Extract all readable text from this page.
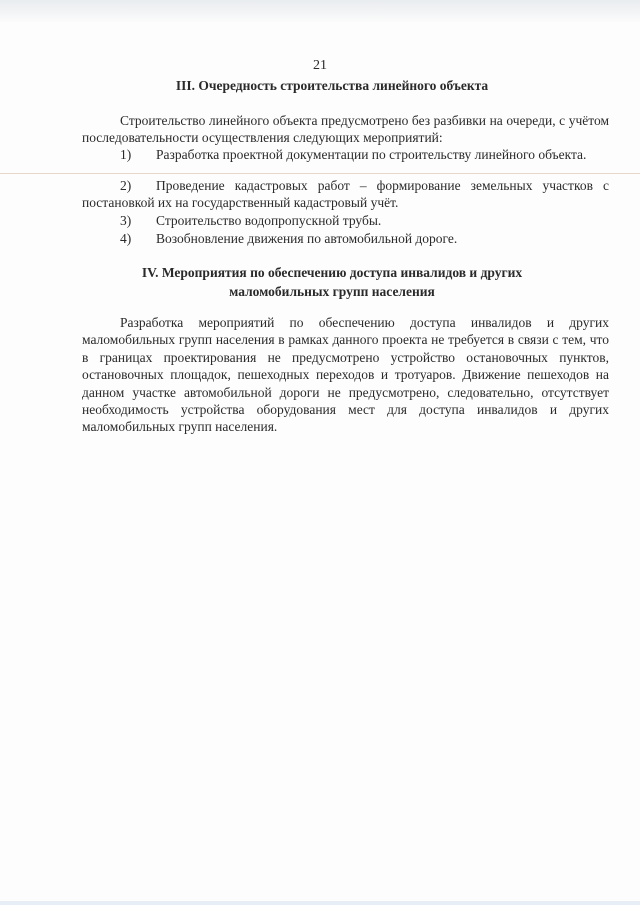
21
III. Очередность строительства линейного объекта
Строительство линейного объекта предусмотрено без разбивки на очереди, с учётом последовательности осуществления следующих мероприятий:
1) Разработка проектной документации по строительству линейного объекта.
2) Проведение кадастровых работ – формирование земельных участков с постановкой их на государственный кадастровый учёт.
3) Строительство водопропускной трубы.
4) Возобновление движения по автомобильной дороге.
IV. Мероприятия по обеспечению доступа инвалидов и других
маломобильных групп населения
Разработка мероприятий по обеспечению доступа инвалидов и других маломобильных групп населения в рамках данного проекта не требуется в связи с тем, что в границах проектирования не предусмотрено устройство остановочных пунктов, остановочных площадок, пешеходных переходов и тротуаров. Движение пешеходов на данном участке автомобильной дороги не предусмотрено, следовательно, отсутствует необходимость устройства оборудования мест для доступа инвалидов и других маломобильных групп населения.
